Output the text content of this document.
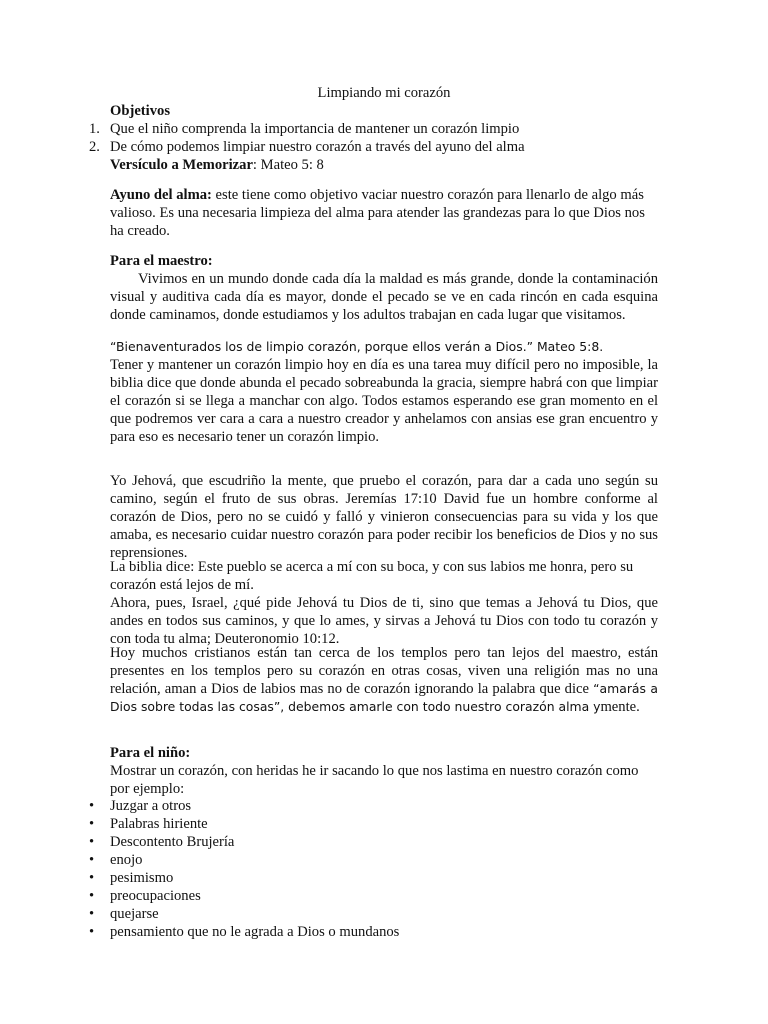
Limpiando mi corazón
Objetivos
1. Que el niño comprenda la importancia de mantener un corazón limpio
2. De cómo podemos limpiar nuestro corazón a través del ayuno del alma
Versículo a Memorizar: Mateo 5: 8

Ayuno del alma: este tiene como objetivo vaciar nuestro corazón para llenarlo de algo más valioso. Es una necesaria limpieza del alma para atender las grandezas para lo que Dios nos ha creado.

Para el maestro:

Vivimos en un mundo donde cada día la maldad es más grande, donde la contaminación visual y auditiva cada día es mayor, donde el pecado se ve en cada rincón en cada esquina donde caminamos, donde estudiamos y los adultos trabajan en cada lugar que visitamos.

“Bienaventurados los de limpio corazón, porque ellos verán a Dios.” Mateo 5:8.

Tener y mantener un corazón limpio hoy en día es una tarea muy difícil pero no imposible, la biblia dice que donde abunda el pecado sobreabunda la gracia, siempre habrá con que limpiar el corazón si se llega a manchar con algo. Todos estamos esperando ese gran momento en el que podremos ver cara a cara a nuestro creador y anhelamos con ansias ese gran encuentro y para eso es necesario tener un corazón limpio.

Yo Jehová, que escudriño la mente, que pruebo el corazón, para dar a cada uno según su camino, según el fruto de sus obras. Jeremías 17:10 David fue un hombre conforme al corazón de Dios, pero no se cuidó y falló y vinieron consecuencias para su vida y los que amaba, es necesario cuidar nuestro corazón para poder recibir los beneficios de Dios y no sus reprensiones.

La biblia dice: Este pueblo se acerca a mí con su boca, y con sus labios me honra, pero su corazón está lejos de mí.

Ahora, pues, Israel, ¿qué pide Jehová tu Dios de ti, sino que temas a Jehová tu Dios, que andes en todos sus caminos, y que lo ames, y sirvas a Jehová tu Dios con todo tu corazón y con toda tu alma; Deuteronomio 10:12.

Hoy muchos cristianos están tan cerca de los templos pero tan lejos del maestro, están presentes en los templos pero su corazón en otras cosas, viven una religión mas no una relación, aman a Dios de labios mas no de corazón ignorando la palabra que dice “amarás a Dios sobre todas las cosas”, debemos amarle con todo nuestro corazón alma ymente.

Para el niño:

Mostrar un corazón, con heridas he ir sacando lo que nos lastima en nuestro corazón como por ejemplo:

• Juzgar a otros
• Palabras hiriente
• Descontento Brujería
• enojo
• pesimismo
• preocupaciones
• quejarse
• pensamiento que no le agrada a Dios o mundanos
